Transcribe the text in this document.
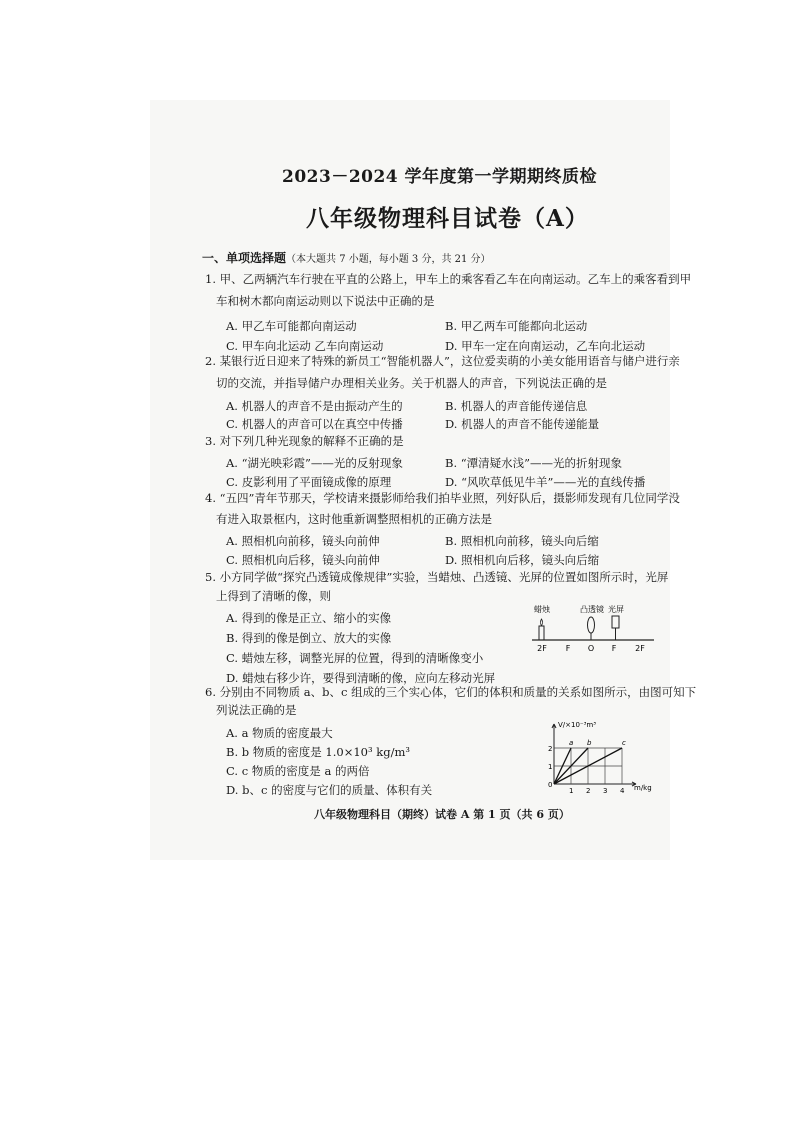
2023－2024 学年度第一学期期终质检
八年级物理科目试卷（A）
一、单项选择题（本大题共 7 小题，每小题 3 分，共 21 分）
1. 甲、乙两辆汽车行驶在平直的公路上，甲车上的乘客看乙车在向南运动。乙车上的乘客看到甲
车和树木都向南运动则以下说法中正确的是
A. 甲乙车可能都向南运动	B. 甲乙两车可能都向北运动
C. 甲车向北运动 乙车向南运动	D. 甲车一定在向南运动，乙车向北运动
2. 某银行近日迎来了特殊的新员工“智能机器人”，这位爱卖萌的小美女能用语音与储户进行亲
切的交流，并指导储户办理相关业务。关于机器人的声音，下列说法正确的是
A. 机器人的声音不是由振动产生的	B. 机器人的声音能传递信息
C. 机器人的声音可以在真空中传播	D. 机器人的声音不能传递能量
3. 对下列几种光现象的解释不正确的是
A. “湖光映彩霞”——光的反射现象	B. “潭清疑水浅”——光的折射现象
C. 皮影利用了平面镜成像的原理	D. “风吹草低见牛羊”——光的直线传播
4. “五四”青年节那天，学校请来摄影师给我们拍毕业照，列好队后，摄影师发现有几位同学没
有进入取景框内，这时他重新调整照相机的正确方法是
A. 照相机向前移，镜头向前伸	B. 照相机向前移，镜头向后缩
C. 照相机向后移，镜头向前伸	D. 照相机向后移，镜头向后缩
5. 小方同学做“探究凸透镜成像规律”实验，当蜡烛、凸透镜、光屏的位置如图所示时，光屏
上得到了清晰的像，则
A. 得到的像是正立、缩小的实像
B. 得到的像是倒立、放大的实像
C. 蜡烛左移，调整光屏的位置，得到的清晰像变小
D. 蜡烛右移少许，要得到清晰的像，应向左移动光屏
蜡烛	凸透镜 光屏
2F F O F 2F
6. 分别由不同物质 a、b、c 组成的三个实心体，它们的体积和质量的关系如图所示，由图可知下
列说法正确的是
A. a 物质的密度最大
B. b 物质的密度是 1.0×10³ kg/m³
C. c 物质的密度是 a 的两倍
D. b、c 的密度与它们的质量、体积有关
V/×10⁻³m³
m/kg
a b	c
0
1
2
1 2 3 4
八年级物理科目（期终）试卷 A 第 1 页（共 6 页）
